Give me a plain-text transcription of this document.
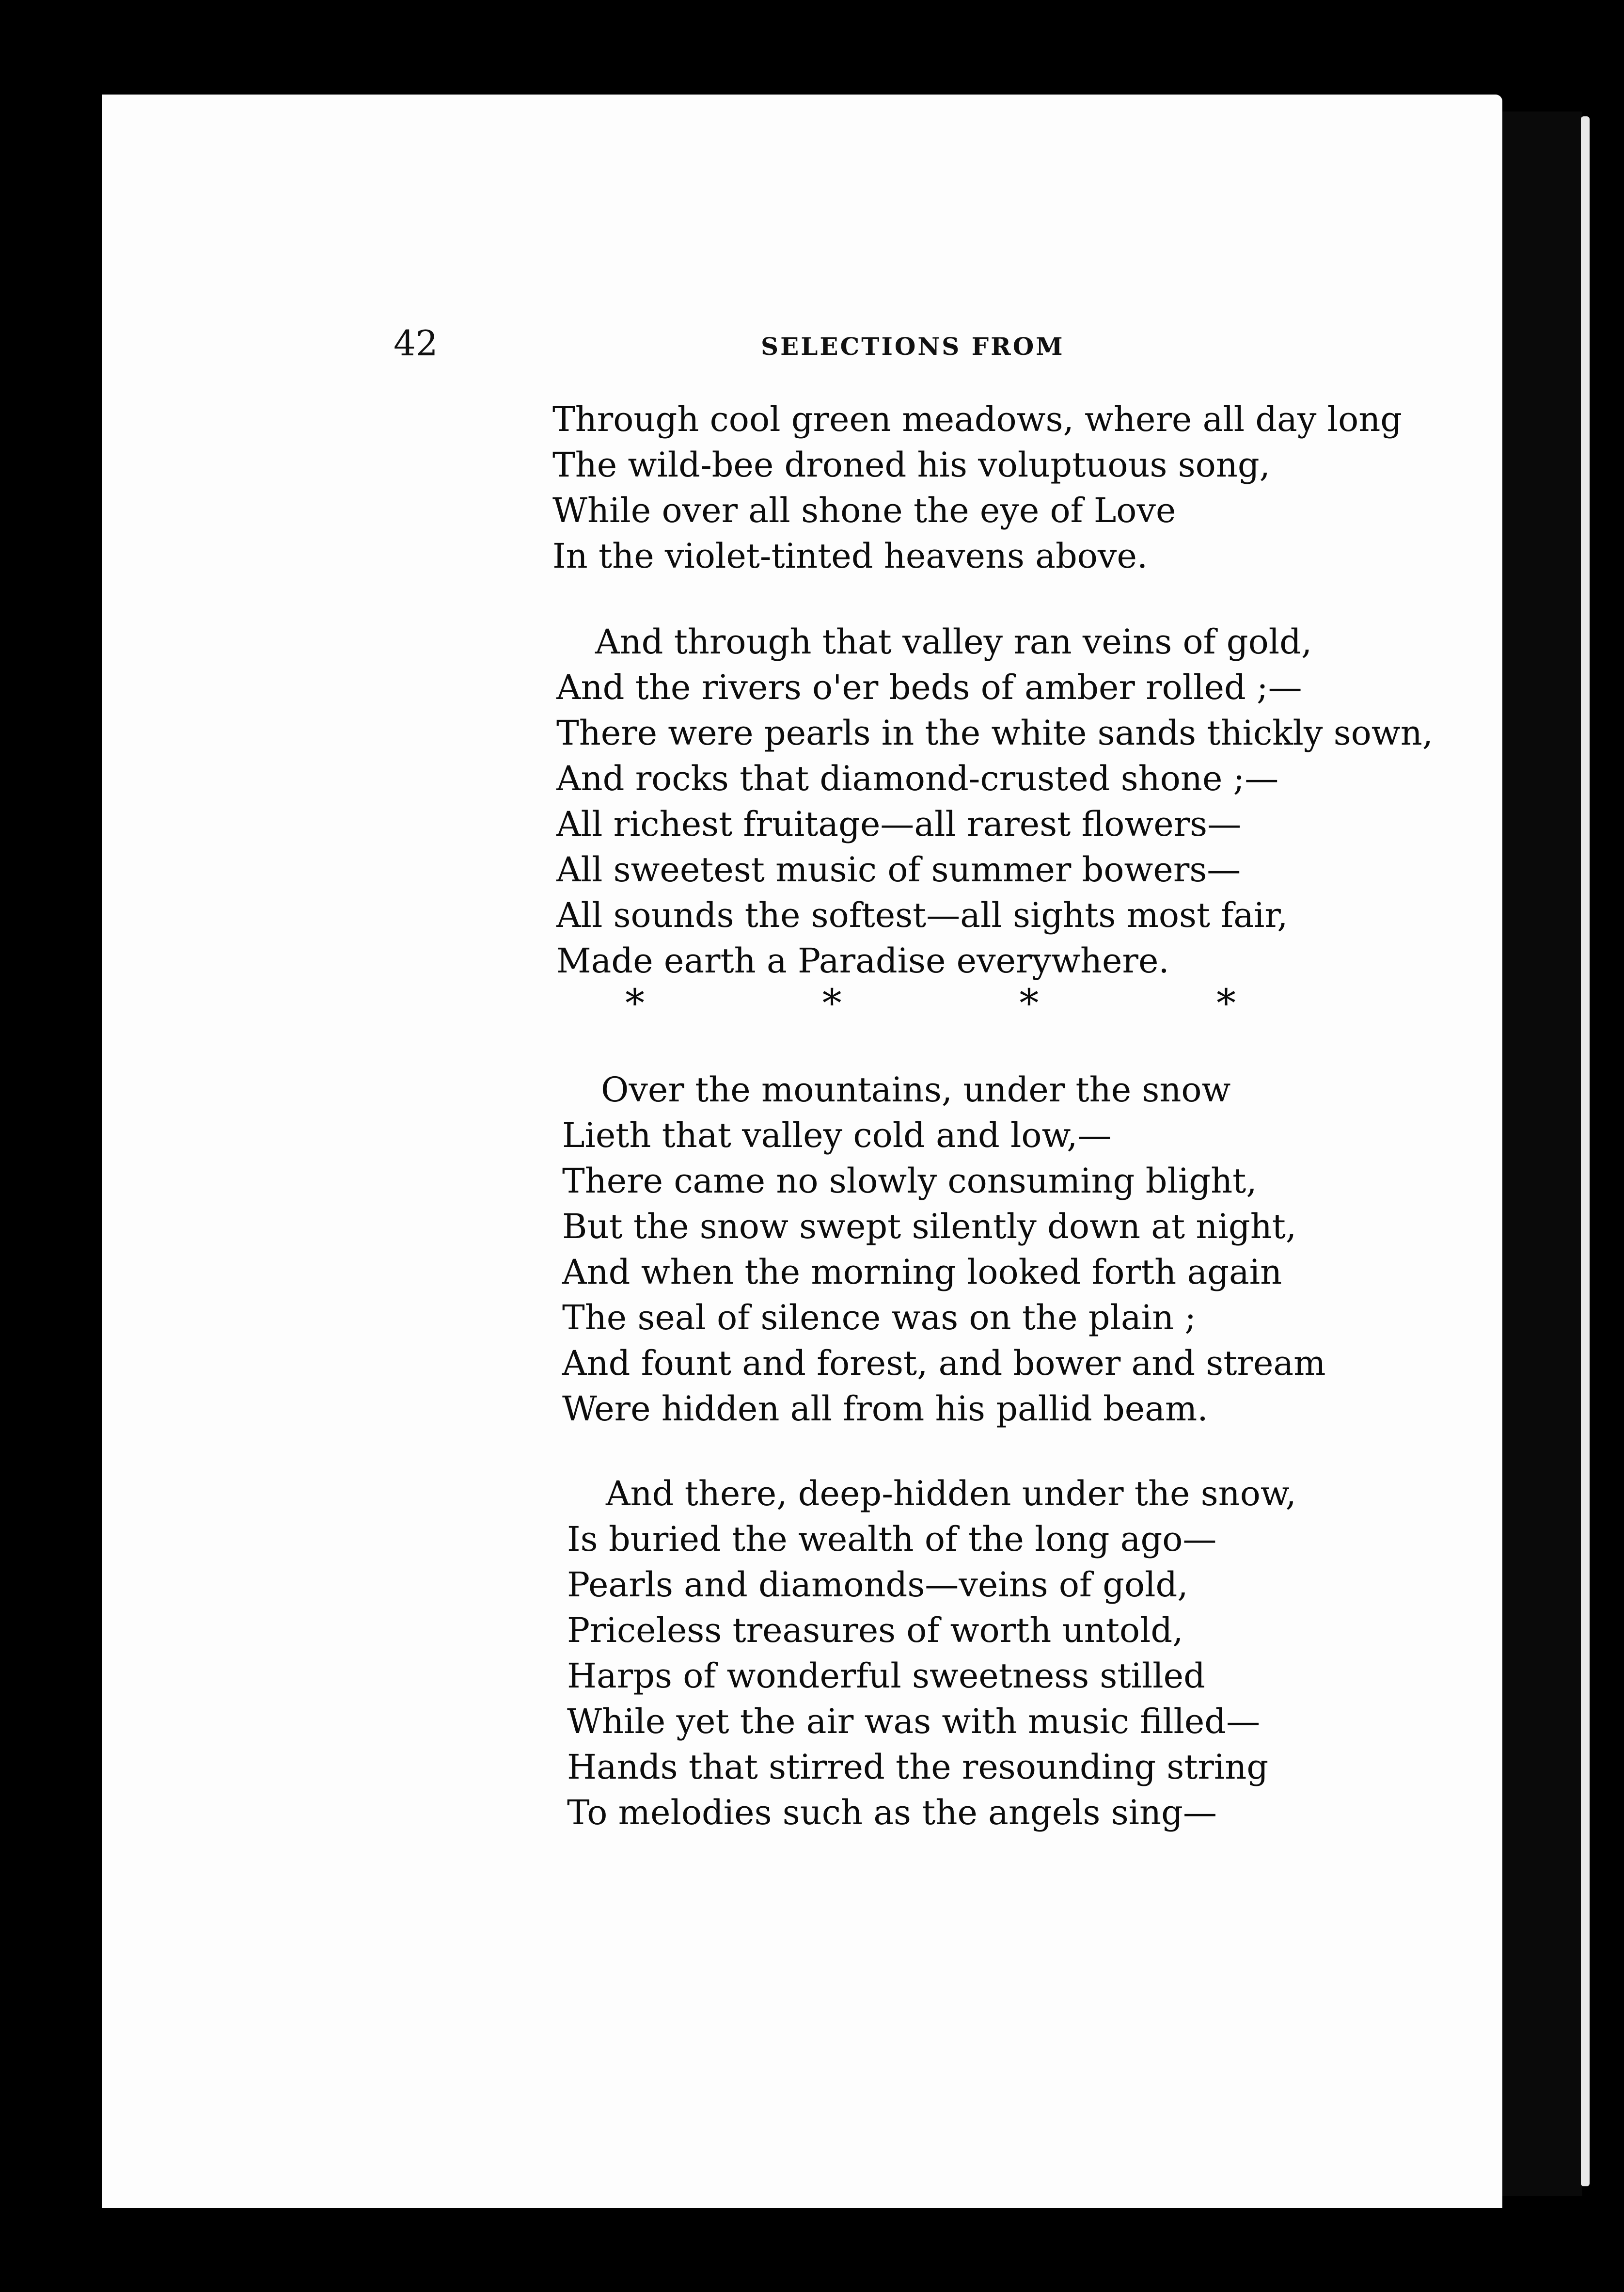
42	SELECTIONS FROM

Through cool green meadows, where all day long
The wild-bee droned his voluptuous song,
While over all shone the eye of Love
In the violet-tinted heavens above.

And through that valley ran veins of gold,
And the rivers o'er beds of amber rolled ;—
There were pearls in the white sands thickly sown,
And rocks that diamond-crusted shone ;—
All richest fruitage—all rarest flowers—
All sweetest music of summer bowers—
All sounds the softest—all sights most fair,
Made earth a Paradise everywhere.

*	*	*	*

Over the mountains, under the snow
Lieth that valley cold and low,—
There came no slowly consuming blight,
But the snow swept silently down at night,
And when the morning looked forth again
The seal of silence was on the plain ;
And fount and forest, and bower and stream
Were hidden all from his pallid beam.

And there, deep-hidden under the snow,
Is buried the wealth of the long ago—
Pearls and diamonds—veins of gold,
Priceless treasures of worth untold,
Harps of wonderful sweetness stilled
While yet the air was with music filled—
Hands that stirred the resounding string
To melodies such as the angels sing—
